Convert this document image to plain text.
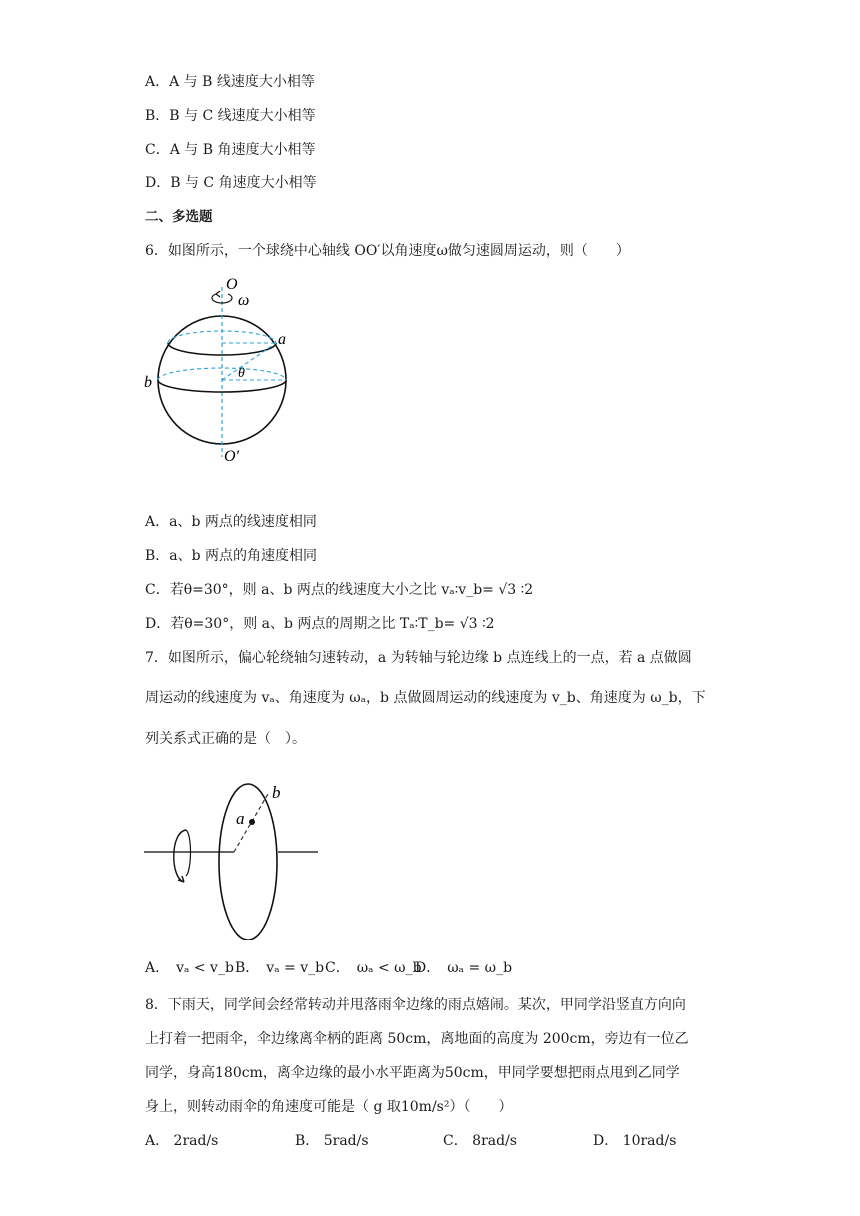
A．A 与 B 线速度大小相等
B．B 与 C 线速度大小相等
C．A 与 B 角速度大小相等
D．B 与 C 角速度大小相等
二、多选题
6．如图所示，一个球绕中心轴线 OO′以角速度ω做匀速圆周运动，则（　　）
O
ω
a
b
θ
O′
A．a、b 两点的线速度相同
B．a、b 两点的角速度相同
C．若θ=30°，则 a、b 两点的线速度大小之比 vₐ∶v_b= √3 ∶2
D．若θ=30°，则 a、b 两点的周期之比 Tₐ∶T_b= √3 ∶2
7．如图所示，偏心轮绕轴匀速转动，a 为转轴与轮边缘 b 点连线上的一点，若 a 点做圆
周运动的线速度为 vₐ、角速度为 ωₐ，b 点做圆周运动的线速度为 v_b、角速度为 ω_b，下
列关系式正确的是（　）。
a
b
A．　vₐ < v_b B．　vₐ = v_b C．　ωₐ < ω_b
D．　ωₐ = ω_b
8．下雨天，同学间会经常转动并甩落雨伞边缘的雨点嬉闹。某次，甲同学沿竖直方向向
上打着一把雨伞，伞边缘离伞柄的距离 50cm，离地面的高度为 200cm，旁边有一位乙
同学，身高180cm，离伞边缘的最小水平距离为50cm，甲同学要想把雨点甩到乙同学
身上，则转动雨伞的角速度可能是（ g 取10m/s²）（　　）
A． 2rad/s	B． 5rad/s	C． 8rad/s	D． 10rad/s
